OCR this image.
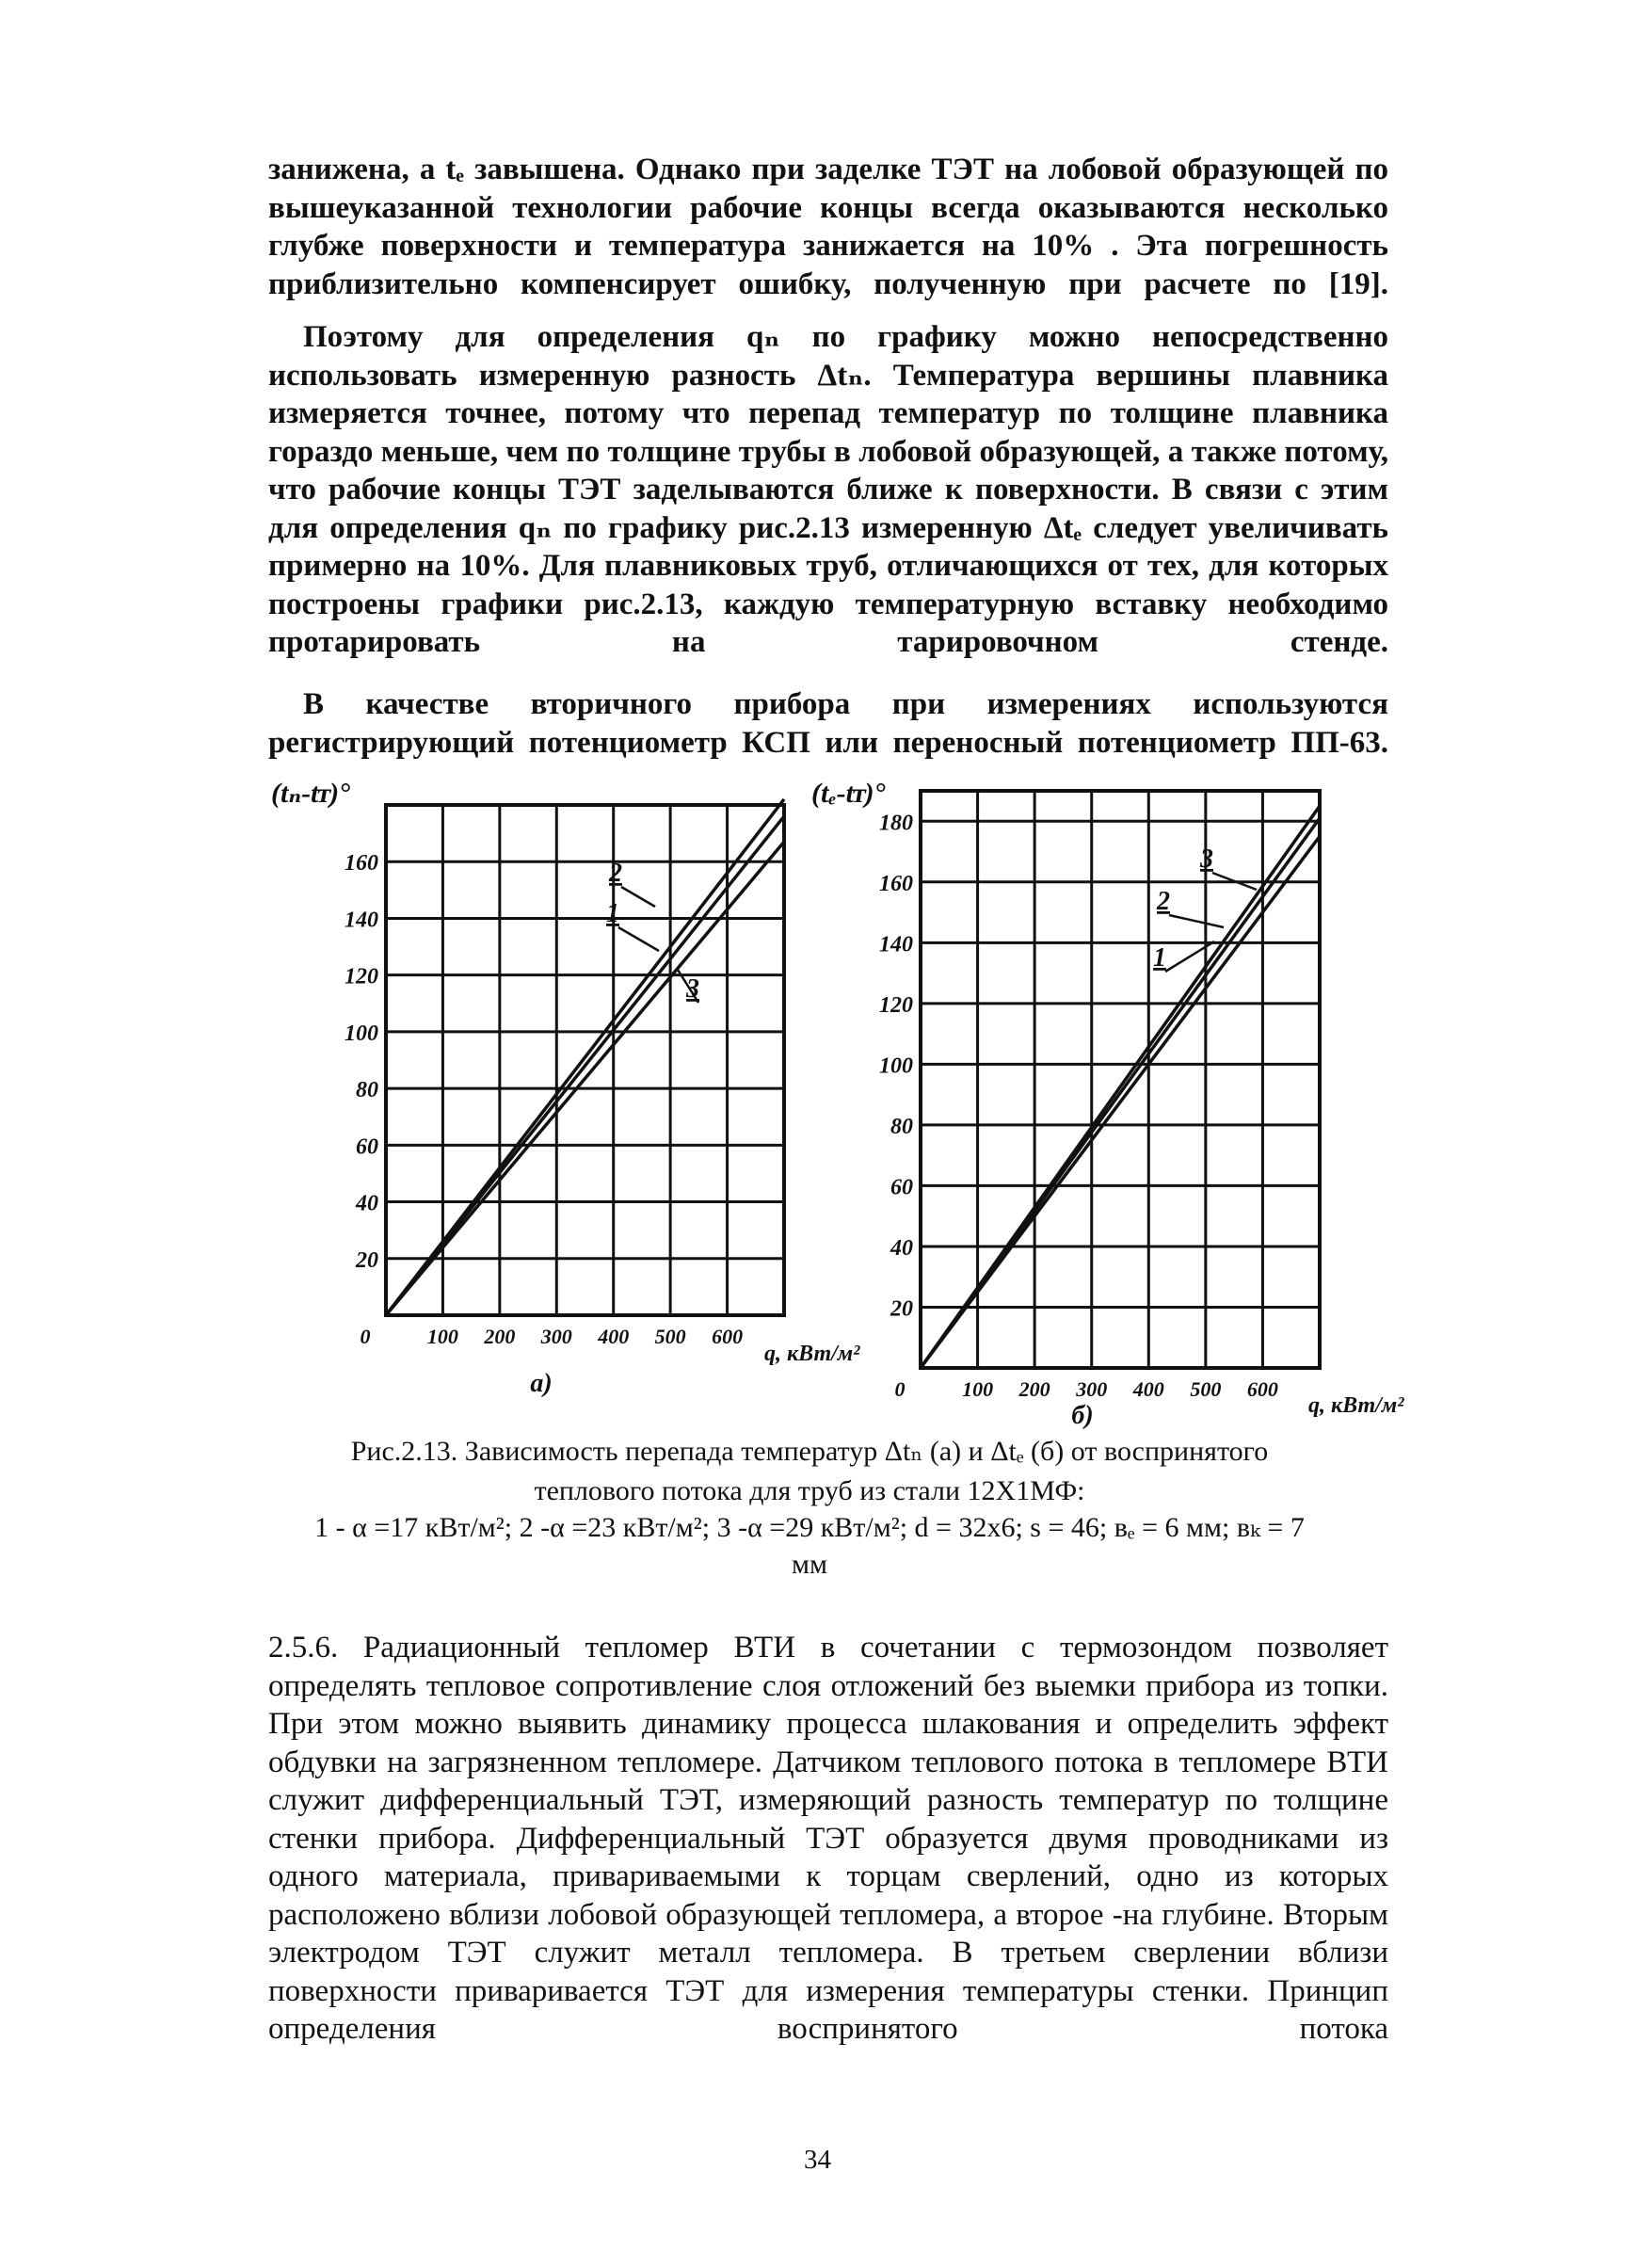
занижена, а tₑ завышена. Однако при заделке ТЭТ на лобовой образующей по вышеуказанной технологии рабочие концы всегда оказываются несколько глубже поверхности и температура занижается на 10% . Эта погрешность приблизительно компенсирует ошибку, полученную при расчете по [19].

Поэтому для определения qₙ по графику можно непосредственно использовать измеренную разность Δtₙ. Температура вершины плавника измеряется точнее, потому что перепад температур по толщине плавника гораздо меньше, чем по толщине трубы в лобовой образующей, а также потому, что рабочие концы ТЭТ заделываются ближе к поверхности. В связи с этим для определения qₙ по графику рис.2.13 измеренную Δtₑ следует увеличивать примерно на 10%. Для плавниковых труб, отличающихся от тех, для которых построены графики рис.2.13, каждую температурную вставку необходимо протарировать на тарировочном стенде.

В качестве вторичного прибора при измерениях используются регистрирующий потенциометр КСП или переносный потенциометр ПП-63.

20
40
60
80
100
120
140
160
0	100 200 300 400 500 600
1
2
3
(tₙ-tᴛ)°
q, кВт/м²
а)
20
40
60
80
100
120
140
160
180
0	100 200 300 400 500 600
1
2
3
(tₑ-tᴛ)°
q, кВт/м²
б)

Рис.2.13. Зависимость перепада температур Δtₙ (а) и Δtₑ (б) от воспринятого

теплового потока для труб из стали 12Х1МФ:

1 - α =17 кВт/м²; 2 -α =23 кВт/м²; 3 -α =29 кВт/м²; d = 32х6; s = 46; вₑ = 6 мм; вₖ = 7

мм

2.5.6. Радиационный тепломер ВТИ в сочетании с термозондом позволяет определять тепловое сопротивление слоя отложений без выемки прибора из топки. При этом можно выявить динамику процесса шлакования и определить эффект обдувки на загрязненном тепломере. Датчиком теплового потока в тепломере ВТИ служит дифференциальный ТЭТ, измеряющий разность температур по толщине стенки прибора. Дифференциальный ТЭТ образуется двумя проводниками из одного материала, привариваемыми к торцам сверлений, одно из которых расположено вблизи лобовой образующей тепломера, а второе -на глубине. Вторым электродом ТЭТ служит металл тепломера. В третьем сверлении вблизи поверхности приваривается ТЭТ для измерения температуры стенки. Принцип определения воспринятого потока

34
